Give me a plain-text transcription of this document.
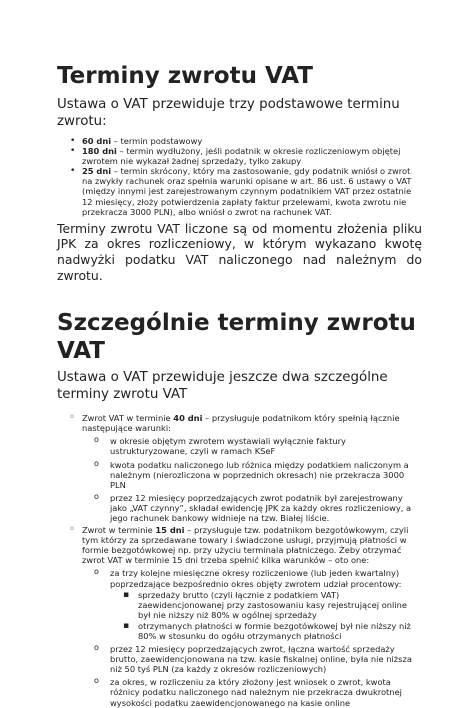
Terminy zwrotu VAT

Ustawa o VAT przewiduje trzy podstawowe terminu zwrotu:

• 60 dni – termin podstawowy
• 180 dni – termin wydłużony, jeśli podatnik w okresie rozliczeniowym objętej zwrotem nie wykazał żadnej sprzedaży, tylko zakupy
• 25 dni – termin skrócony, który ma zastosowanie, gdy podatnik wniósł o zwrot na zwykły rachunek oraz spełnia warunki opisane w art. 86 ust. 6 ustawy o VAT (między innymi jest zarejestrowanym czynnym podatnikiem VAT przez ostatnie 12 miesięcy, złoży potwierdzenia zapłaty faktur przelewami, kwota zwrotu nie przekracza 3000 PLN), albo wniósł o zwrot na rachunek VAT.

Terminy zwrotu VAT liczone są od momentu złożenia pliku JPK za okres rozliczeniowy, w którym wykazano kwotę nadwyżki podatku VAT naliczonego nad należnym do zwrotu.

Szczególnie terminy zwrotu VAT

Ustawa o VAT przewiduje jeszcze dwa szczególne terminy zwrotu VAT

◦ Zwrot VAT w terminie 40 dni – przysługuje podatnikom który spełnią łącznie następujące warunki:
o w okresie objętym zwrotem wystawiali wyłącznie faktury ustrukturyzowane, czyli w ramach KSeF
o kwota podatku naliczonego lub różnica między podatkiem naliczonym a należnym (nierozliczona w poprzednich okresach) nie przekracza 3000 PLN
o przez 12 miesięcy poprzedzających zwrot podatnik był zarejestrowany jako „VAT czynny”, składał ewidencję JPK za każdy okres rozliczeniowy, a jego rachunek bankowy widnieje na tzw. Białej liście.
◦ Zwrot w terminie 15 dni – przysługuje tzw. podatnikom bezgotówkowym, czyli tym którzy za sprzedawane towary i świadczone usługi, przyjmują płatności w formie bezgotówkowej np. przy użyciu terminala płatniczego. Żeby otrzymać zwrot VAT w terminie 15 dni trzeba spełnić kilka warunków – oto one:
o za trzy kolejne miesięczne okresy rozliczeniowe (lub jeden kwartalny) poprzedzające bezpośrednio okres objęty zwrotem udział procentowy:
▪ sprzedaży brutto (czyli łącznie z podatkiem VAT) zaewidencjonowanej przy zastosowaniu kasy rejestrującej online był nie niższy niż 80% w ogólnej sprzedaży
▪ otrzymanych płatności w formie bezgotówkowej był nie niższy niż 80% w stosunku do ogółu otrzymanych płatności
o przez 12 miesięcy poprzedzających zwrot, łączna wartość sprzedaży brutto, zaewidencjonowana na tzw. kasie fiskalnej online, była nie niższa niż 50 tyś PLN (za każdy z okresów rozliczeniowych)
o za okres, w rozliczeniu za który złożony jest wniosek o zwrot, kwota różnicy podatku naliczonego nad należnym nie przekracza dwukrotnej wysokości podatku zaewidencjonowanego na kasie online
